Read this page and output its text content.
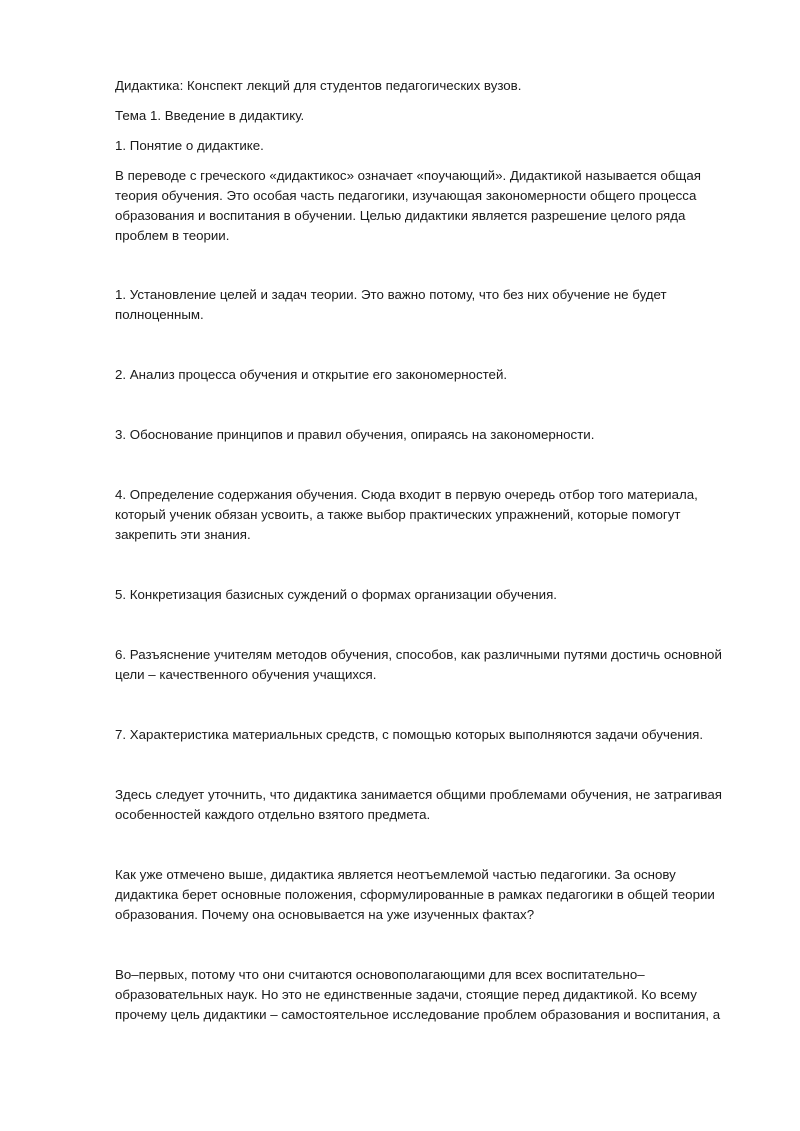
Дидактика: Конспект лекций для студентов педагогических вузов.
Тема 1. Введение в дидактику.
1. Понятие о дидактике.
В переводе с греческого «дидактикос» означает «поучающий». Дидактикой называется общая
теория обучения. Это особая часть педагогики, изучающая закономерности общего процесса
образования и воспитания в обучении. Целью дидактики является разрешение целого ряда
проблем в теории.
1. Установление целей и задач теории. Это важно потому, что без них обучение не будет
полноценным.
2. Анализ процесса обучения и открытие его закономерностей.
3. Обоснование принципов и правил обучения, опираясь на закономерности.
4. Определение содержания обучения. Сюда входит в первую очередь отбор того материала,
который ученик обязан усвоить, а также выбор практических упражнений, которые помогут
закрепить эти знания.
5. Конкретизация базисных суждений о формах организации обучения.
6. Разъяснение учителям методов обучения, способов, как различными путями достичь основной
цели – качественного обучения учащихся.
7. Характеристика материальных средств, с помощью которых выполняются задачи обучения.
Здесь следует уточнить, что дидактика занимается общими проблемами обучения, не затрагивая
особенностей каждого отдельно взятого предмета.
Как уже отмечено выше, дидактика является неотъемлемой частью педагогики. За основу
дидактика берет основные положения, сформулированные в рамках педагогики в общей теории
образования. Почему она основывается на уже изученных фактах?
Во–первых, потому что они считаются основополагающими для всех воспитательно–
образовательных наук. Но это не единственные задачи, стоящие перед дидактикой. Ко всему
прочему цель дидактики – самостоятельное исследование проблем образования и воспитания, а
